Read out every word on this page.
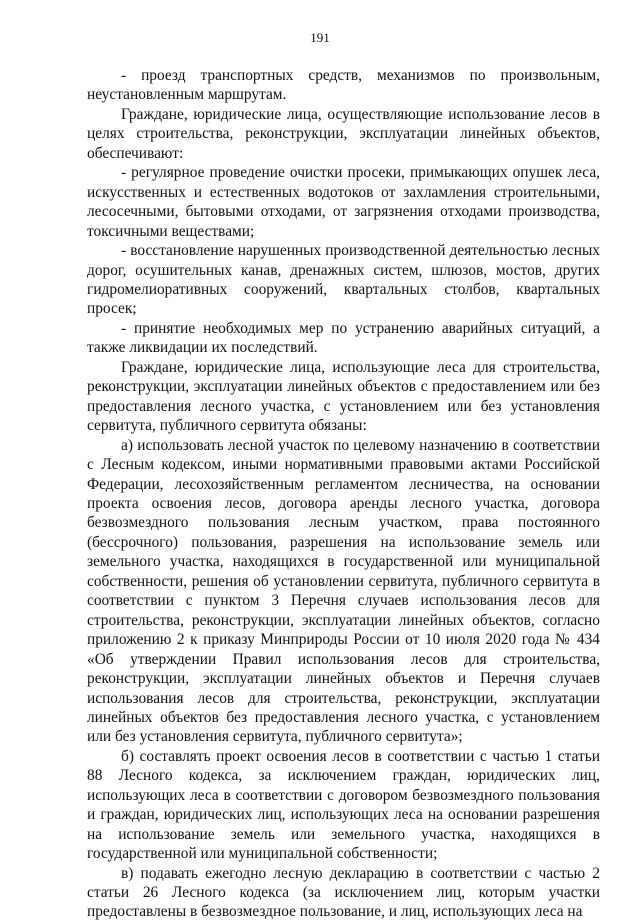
191

- проезд транспортных средств, механизмов по произвольным, неустановленным маршрутам.

Граждане, юридические лица, осуществляющие использование лесов в целях строительства, реконструкции, эксплуатации линейных объектов, обеспечивают:

- регулярное проведение очистки просеки, примыкающих опушек леса, искусственных и естественных водотоков от захламления строительными, лесосечными, бытовыми отходами, от загрязнения отходами производства, токсичными веществами;

- восстановление нарушенных производственной деятельностью лесных дорог, осушительных канав, дренажных систем, шлюзов, мостов, других гидромелиоративных сооружений, квартальных столбов, квартальных просек;

- принятие необходимых мер по устранению аварийных ситуаций, а также ликвидации их последствий.

Граждане, юридические лица, использующие леса для строительства, реконструкции, эксплуатации линейных объектов с предоставлением или без предоставления лесного участка, с установлением или без установления сервитута, публичного сервитута обязаны:

а) использовать лесной участок по целевому назначению в соответствии с Лесным кодексом, иными нормативными правовыми актами Российской Федерации, лесохозяйственным регламентом лесничества, на основании проекта освоения лесов, договора аренды лесного участка, договора безвозмездного пользования лесным участком, права постоянного (бессрочного) пользования, разрешения на использование земель или земельного участка, находящихся в государственной или муниципальной собственности, решения об установлении сервитута, публичного сервитута в соответствии с пунктом 3 Перечня случаев использования лесов для строительства, реконструкции, эксплуатации линейных объектов, согласно приложению 2 к приказу Минприроды России от 10 июля 2020 года № 434 «Об утверждении Правил использования лесов для строительства, реконструкции, эксплуатации линейных объектов и Перечня случаев использования лесов для строительства, реконструкции, эксплуатации линейных объектов без предоставления лесного участка, с установлением или без установления сервитута, публичного сервитута»;

б) составлять проект освоения лесов в соответствии с частью 1 статьи 88 Лесного кодекса, за исключением граждан, юридических лиц, использующих леса в соответствии с договором безвозмездного пользования и граждан, юридических лиц, использующих леса на основании разрешения на использование земель или земельного участка, находящихся в государственной или муниципальной собственности;

в) подавать ежегодно лесную декларацию в соответствии с частью 2 статьи 26 Лесного кодекса (за исключением лиц, которым участки предоставлены в безвозмездное пользование, и лиц, использующих леса на
